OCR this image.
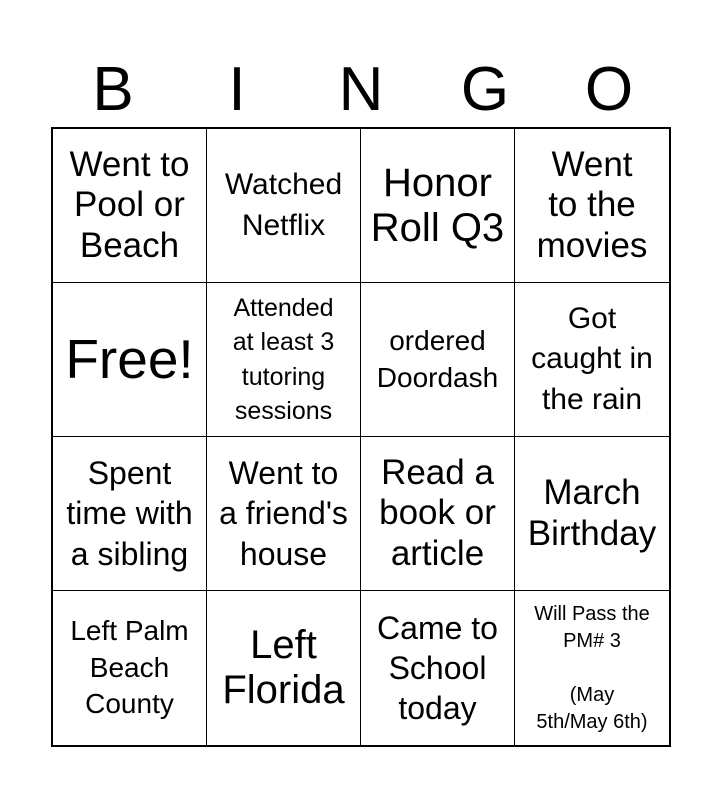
B	I	N	G	O
Went to
Pool or
Beach
Watched
Netflix
Honor
Roll Q3
Went
to the
movies
Free!
Attended
at least 3
tutoring
sessions
ordered
Doordash
Got
caught in
the rain
Spent
time with
a sibling
Went to
a friend's
house
Read a
book or
article
March
Birthday
Left Palm
Beach
County
Left
Florida
Came to
School
today
Will Pass the
PM# 3

(May
5th/May 6th)
